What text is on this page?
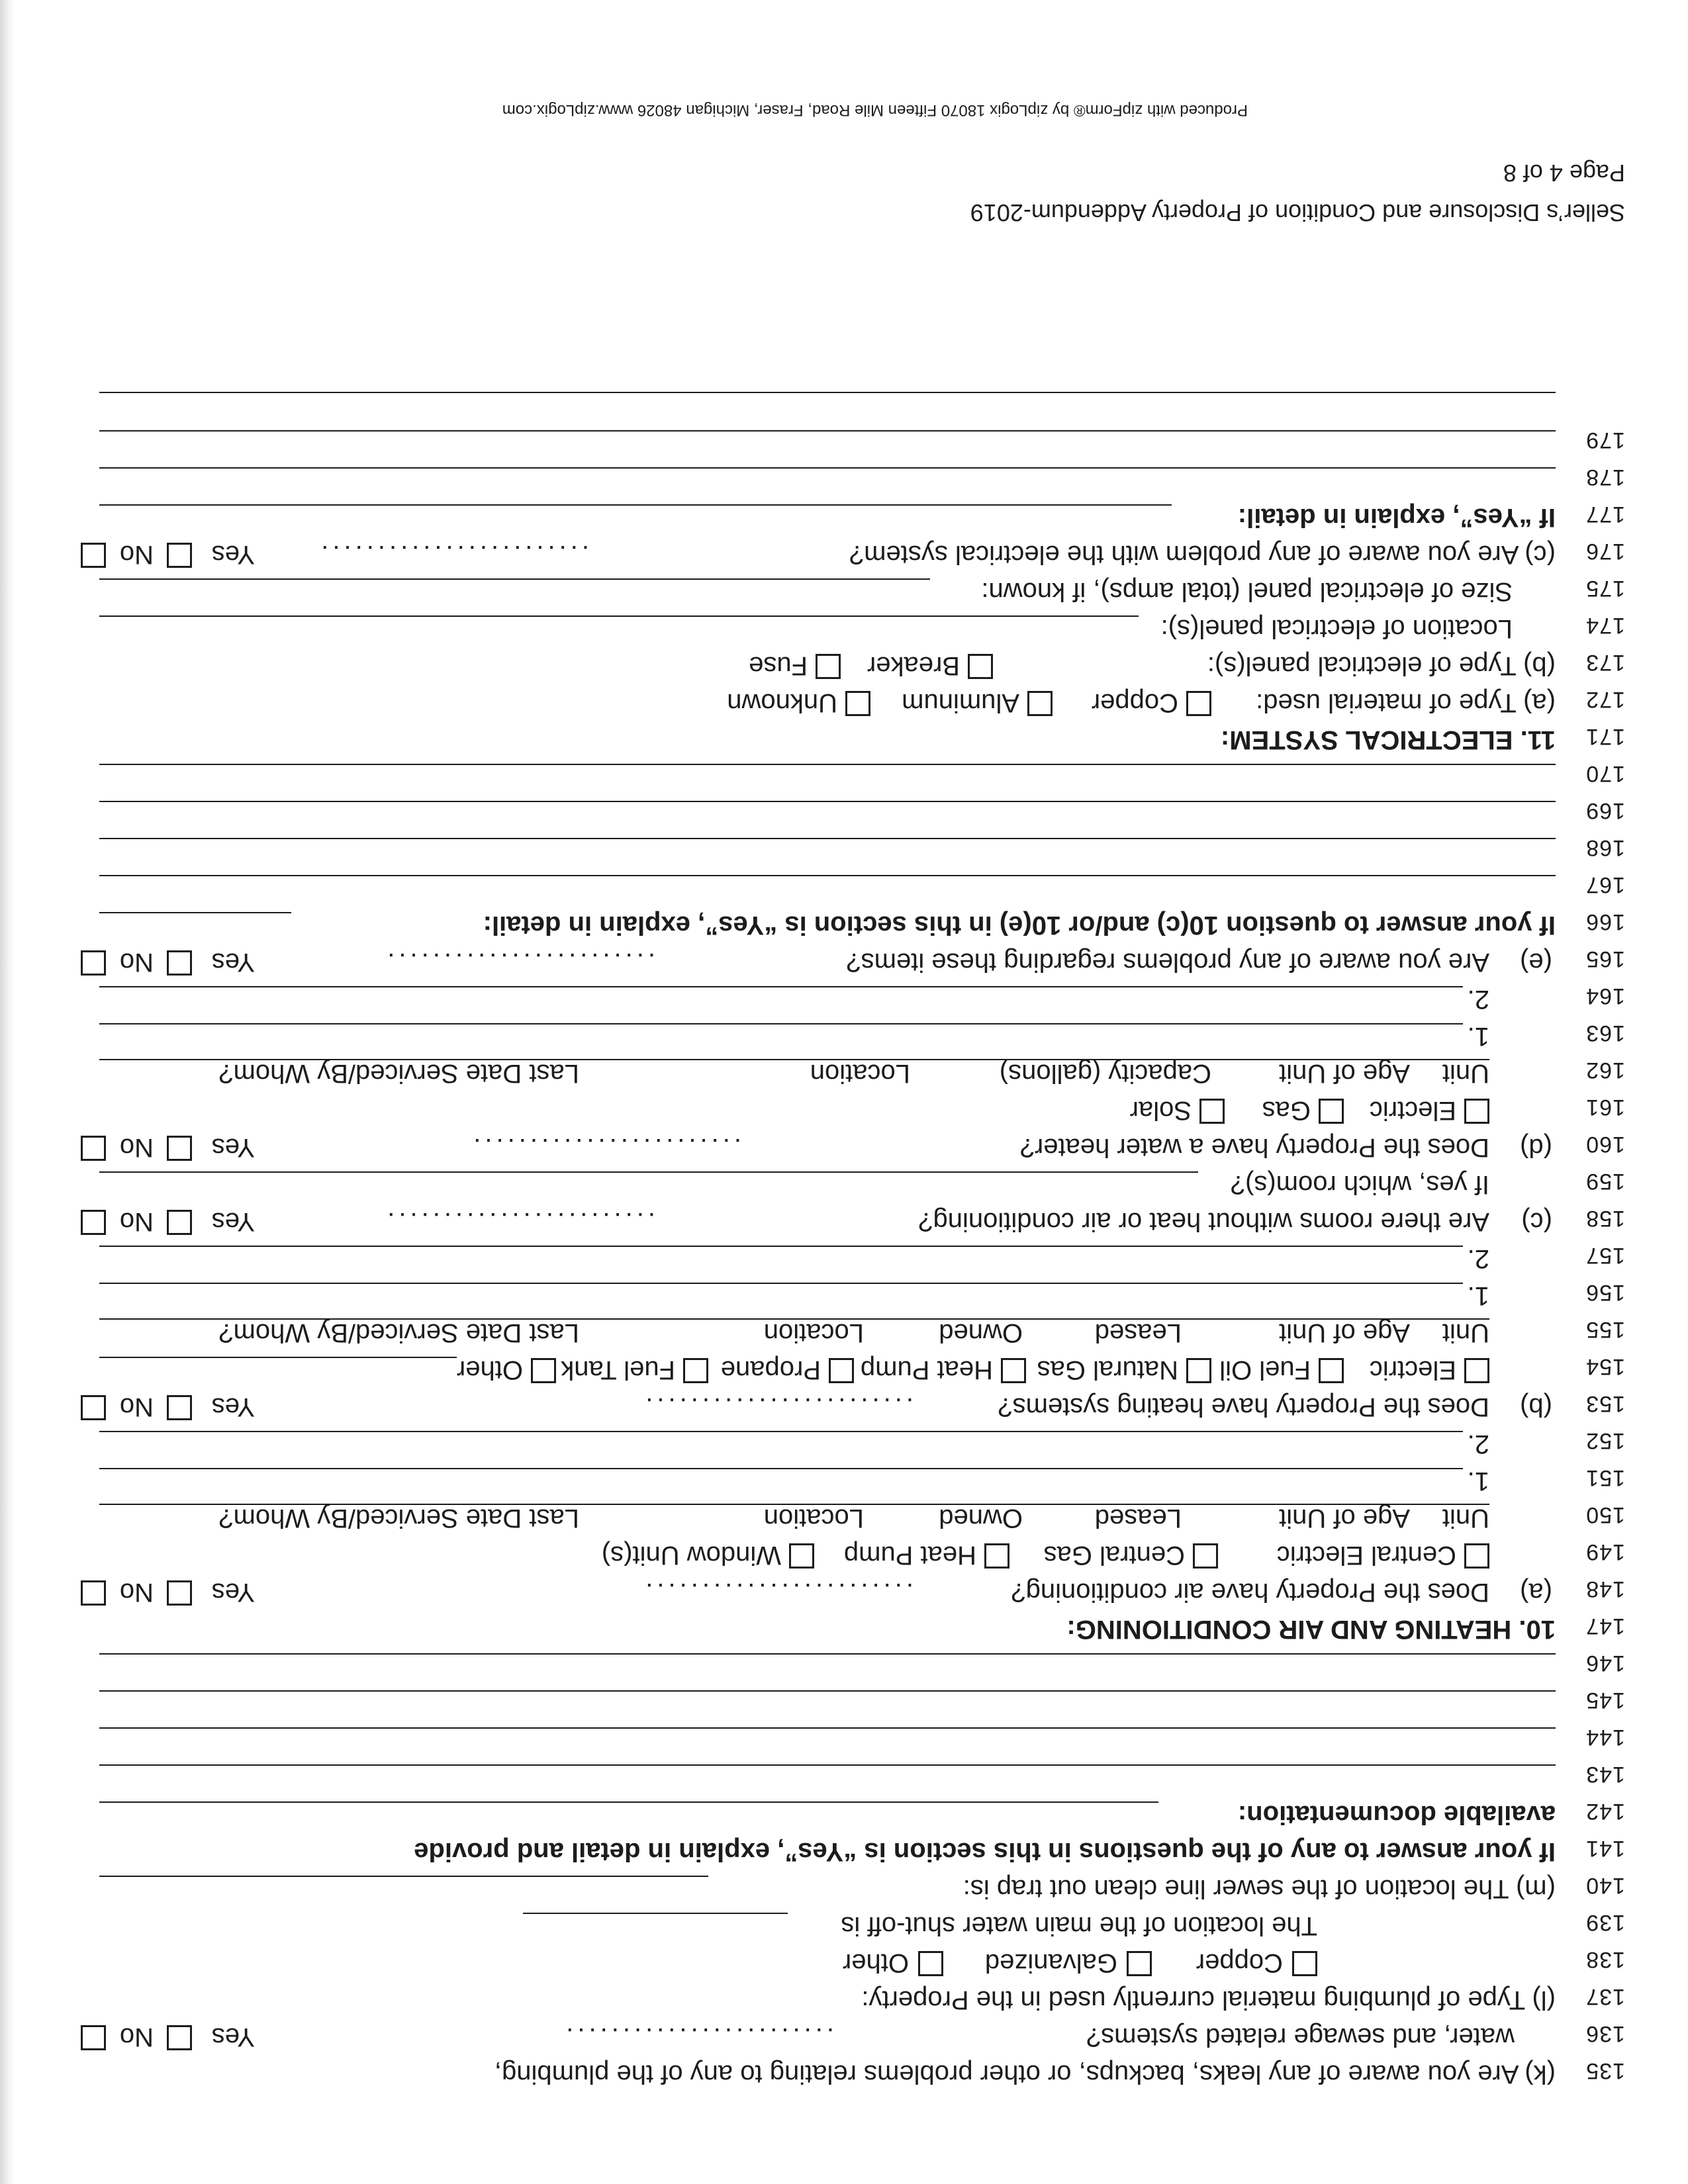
135
(k) Are you aware of any leaks, backups, or other problems relating to any of the plumbing,
136
water, and sewage related systems?
........................
Yes
No
137
(l) Type of plumbing material currently used in the Property:
138
Copper
Galvanized
Other
139
The location of the main water shut-off is
140
(m) The location of the sewer line clean out trap is:
141
If your answer to any of the questions in this section is “Yes”, explain in detail and provide
142
available documentation:
143
144
145
146
147
10. HEATING AND AIR CONDITIONING:
148
(a)
Does the Property have air conditioning?
........................
Yes
No
149
Central Electric
Central Gas
Heat Pump
Window Unit(s)
150
Unit
Age of Unit
Leased
Owned
Location
Last Date Serviced/By Whom?
151
1.
152
2.
153
(b)
Does the Property have heating systems?
........................
Yes
No
154
Electric
Fuel Oil
Natural Gas
Heat Pump
Propane
Fuel Tank
Other
155
Unit
Age of Unit
Leased
Owned
Location
Last Date Serviced/By Whom?
156
1.
157
2.
158
(c)
Are there rooms without heat or air conditioning?
........................
Yes
No
159
If yes, which room(s)?
160
(d)
Does the Property have a water heater?
........................
Yes
No
161
Electric
Gas
Solar
162
Unit
Age of Unit
Capacity (gallons)
Location
Last Date Serviced/By Whom?
163
1.
164
2.
165
(e)
Are you aware of any problems regarding these items?
........................
Yes
No
166
If your answer to question 10(c) and/or 10(e) in this section is “Yes”, explain in detail:
167
168
169
170
171
11. ELECTRICAL SYSTEM:
172
(a) Type of material used:
Copper
Aluminum
Unknown
173
(b) Type of electrical panel(s):
Breaker
Fuse
174
Location of electrical panel(s):
175
Size of electrical panel (total amps), if known:
176
(c) Are you aware of any problem with the electrical system?
........................
Yes
No
177
If “Yes”, explain in detail:
178
179
Seller’s Disclosure and Condition of Property Addendum-2019
Page 4 of 8
Produced with zipForm® by zipLogix 18070 Fifteen Mile Road, Fraser, Michigan 48026 www.zipLogix.com
